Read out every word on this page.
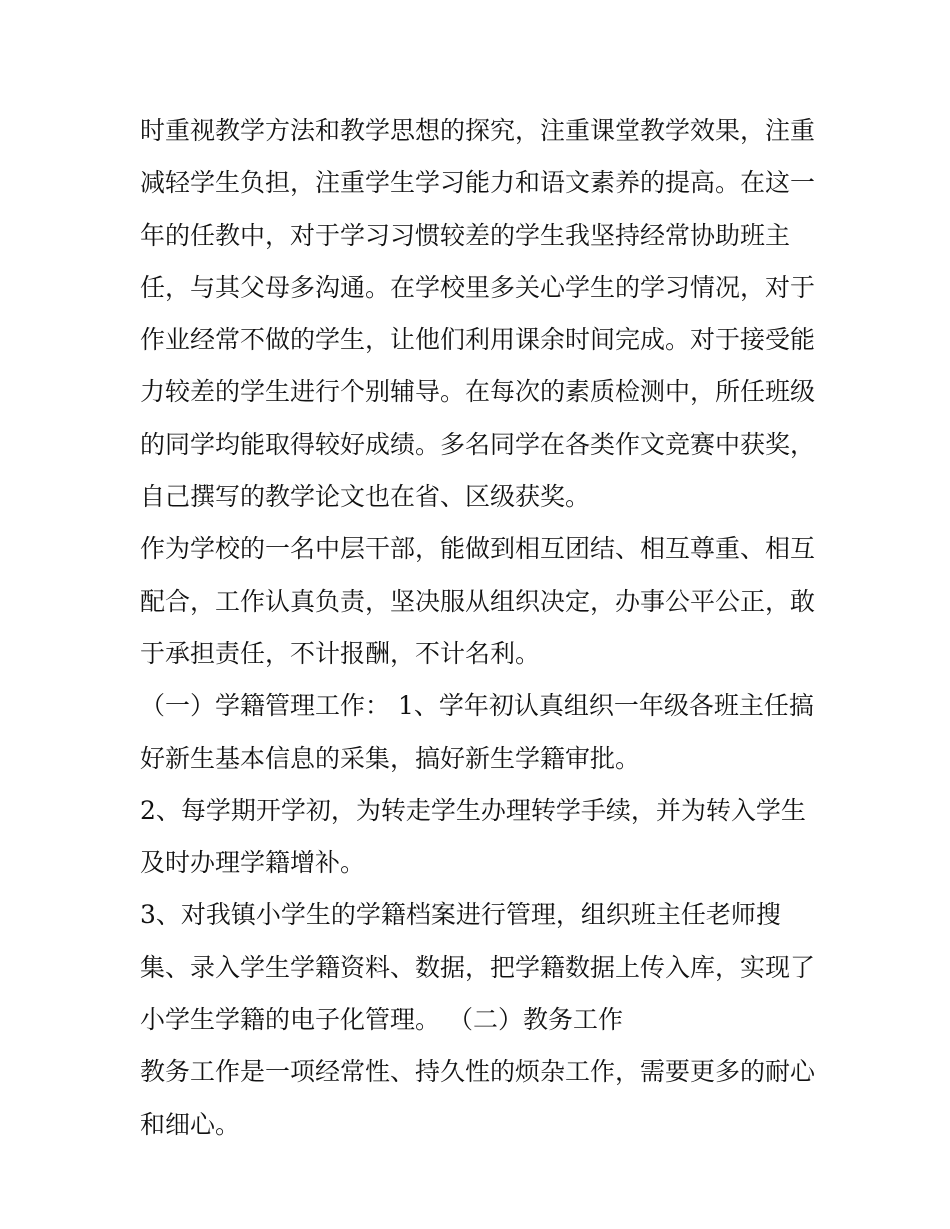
时重视教学方法和教学思想的探究，注重课堂教学效果，注重

减轻学生负担，注重学生学习能力和语文素养的提高。在这一

年的任教中，对于学习习惯较差的学生我坚持经常协助班主

任，与其父母多沟通。在学校里多关心学生的学习情况，对于

作业经常不做的学生，让他们利用课余时间完成。对于接受能

力较差的学生进行个别辅导。在每次的素质检测中，所任班级

的同学均能取得较好成绩。多名同学在各类作文竞赛中获奖，

自己撰写的教学论文也在省、区级获奖。

作为学校的一名中层干部，能做到相互团结、相互尊重、相互

配合，工作认真负责，坚决服从组织决定，办事公平公正，敢

于承担责任，不计报酬，不计名利。

（一）学籍管理工作： 1、学年初认真组织一年级各班主任搞

好新生基本信息的采集，搞好新生学籍审批。

2、每学期开学初，为转走学生办理转学手续，并为转入学生

及时办理学籍增补。

3、对我镇小学生的学籍档案进行管理，组织班主任老师搜

集、录入学生学籍资料、数据，把学籍数据上传入库，实现了

小学生学籍的电子化管理。 （二）教务工作

教务工作是一项经常性、持久性的烦杂工作，需要更多的耐心

和细心。
